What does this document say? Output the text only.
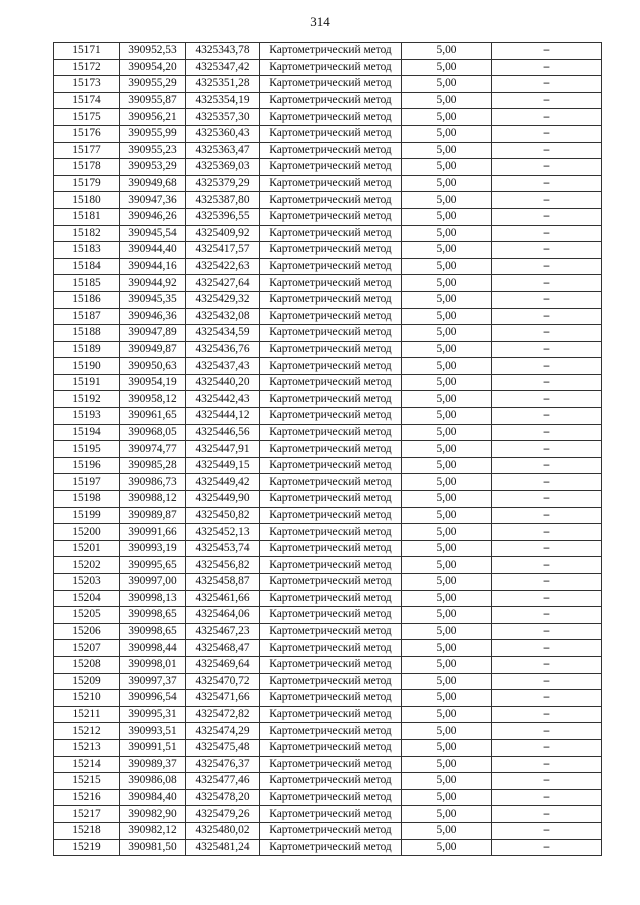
314
15171	390952,53	4325343,78	Картометрический метод	5,00	–
15172	390954,20	4325347,42	Картометрический метод	5,00	–
15173	390955,29	4325351,28	Картометрический метод	5,00	–
15174	390955,87	4325354,19	Картометрический метод	5,00	–
15175	390956,21	4325357,30	Картометрический метод	5,00	–
15176	390955,99	4325360,43	Картометрический метод	5,00	–
15177	390955,23	4325363,47	Картометрический метод	5,00	–
15178	390953,29	4325369,03	Картометрический метод	5,00	–
15179	390949,68	4325379,29	Картометрический метод	5,00	–
15180	390947,36	4325387,80	Картометрический метод	5,00	–
15181	390946,26	4325396,55	Картометрический метод	5,00	–
15182	390945,54	4325409,92	Картометрический метод	5,00	–
15183	390944,40	4325417,57	Картометрический метод	5,00	–
15184	390944,16	4325422,63	Картометрический метод	5,00	–
15185	390944,92	4325427,64	Картометрический метод	5,00	–
15186	390945,35	4325429,32	Картометрический метод	5,00	–
15187	390946,36	4325432,08	Картометрический метод	5,00	–
15188	390947,89	4325434,59	Картометрический метод	5,00	–
15189	390949,87	4325436,76	Картометрический метод	5,00	–
15190	390950,63	4325437,43	Картометрический метод	5,00	–
15191	390954,19	4325440,20	Картометрический метод	5,00	–
15192	390958,12	4325442,43	Картометрический метод	5,00	–
15193	390961,65	4325444,12	Картометрический метод	5,00	–
15194	390968,05	4325446,56	Картометрический метод	5,00	–
15195	390974,77	4325447,91	Картометрический метод	5,00	–
15196	390985,28	4325449,15	Картометрический метод	5,00	–
15197	390986,73	4325449,42	Картометрический метод	5,00	–
15198	390988,12	4325449,90	Картометрический метод	5,00	–
15199	390989,87	4325450,82	Картометрический метод	5,00	–
15200	390991,66	4325452,13	Картометрический метод	5,00	–
15201	390993,19	4325453,74	Картометрический метод	5,00	–
15202	390995,65	4325456,82	Картометрический метод	5,00	–
15203	390997,00	4325458,87	Картометрический метод	5,00	–
15204	390998,13	4325461,66	Картометрический метод	5,00	–
15205	390998,65	4325464,06	Картометрический метод	5,00	–
15206	390998,65	4325467,23	Картометрический метод	5,00	–
15207	390998,44	4325468,47	Картометрический метод	5,00	–
15208	390998,01	4325469,64	Картометрический метод	5,00	–
15209	390997,37	4325470,72	Картометрический метод	5,00	–
15210	390996,54	4325471,66	Картометрический метод	5,00	–
15211	390995,31	4325472,82	Картометрический метод	5,00	–
15212	390993,51	4325474,29	Картометрический метод	5,00	–
15213	390991,51	4325475,48	Картометрический метод	5,00	–
15214	390989,37	4325476,37	Картометрический метод	5,00	–
15215	390986,08	4325477,46	Картометрический метод	5,00	–
15216	390984,40	4325478,20	Картометрический метод	5,00	–
15217	390982,90	4325479,26	Картометрический метод	5,00	–
15218	390982,12	4325480,02	Картометрический метод	5,00	–
15219	390981,50	4325481,24	Картометрический метод	5,00	–
